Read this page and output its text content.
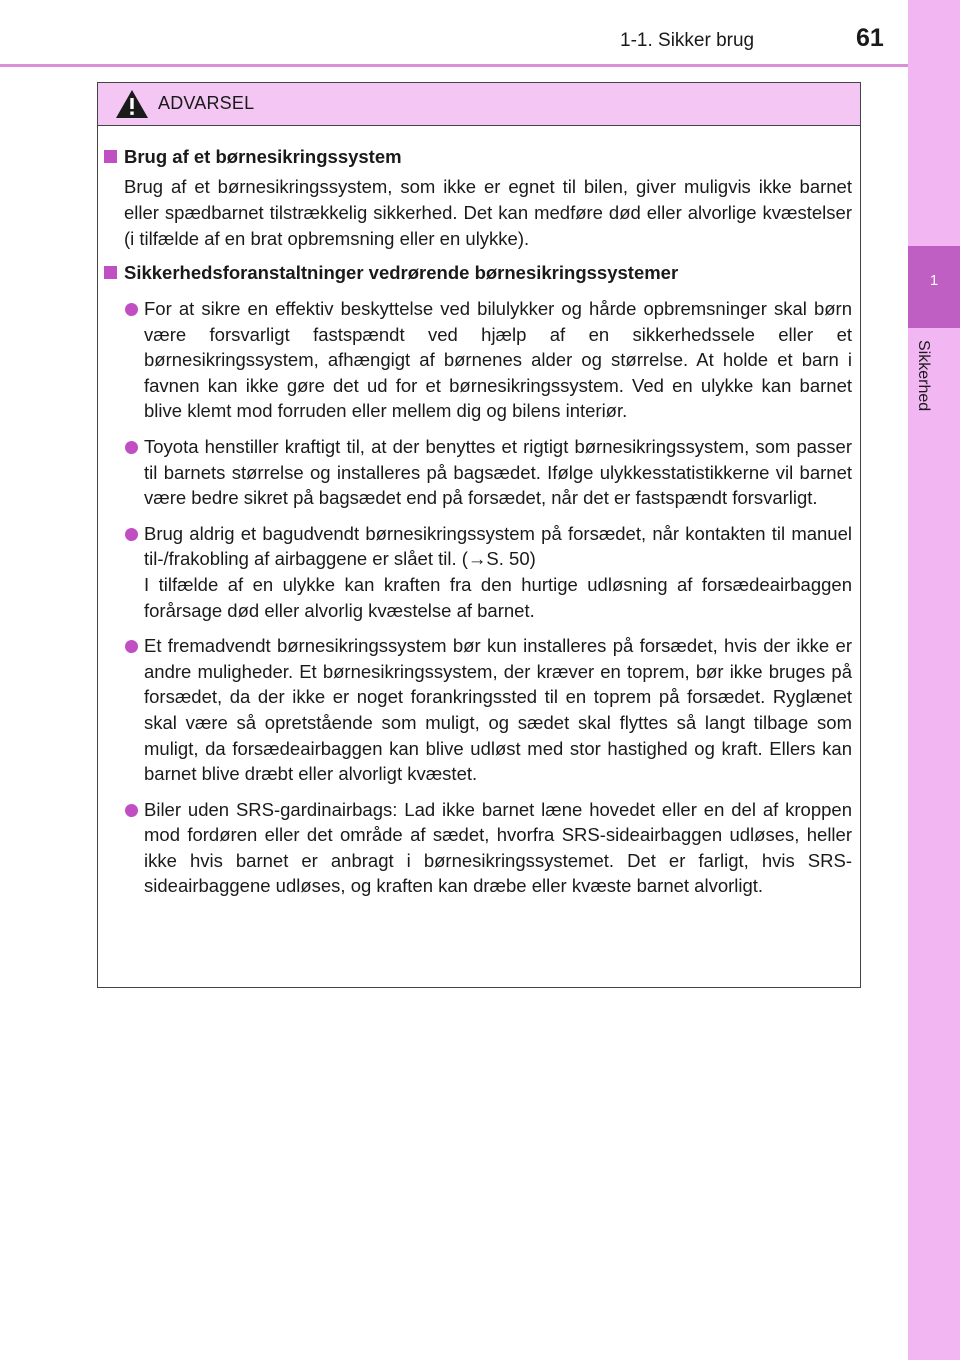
1-1. Sikker brug	61
1
Sikkerhed
ADVARSEL
Brug af et børnesikringssystem
Brug af et børnesikringssystem, som ikke er egnet til bilen, giver muligvis ikke barnet eller spædbarnet tilstrækkelig sikkerhed. Det kan medføre død eller alvorlige kvæstelser (i tilfælde af en brat opbremsning eller en ulykke).
Sikkerhedsforanstaltninger vedrørende børnesikringssystemer
For at sikre en effektiv beskyttelse ved bilulykker og hårde opbremsninger skal børn være forsvarligt fastspændt ved hjælp af en sikkerhedssele eller et børnesikringssystem, afhængigt af børnenes alder og størrelse. At holde et barn i favnen kan ikke gøre det ud for et børnesikringssystem. Ved en ulykke kan barnet blive klemt mod forruden eller mellem dig og bilens interiør.
Toyota henstiller kraftigt til, at der benyttes et rigtigt børnesikringssystem, som passer til barnets størrelse og installeres på bagsædet. Ifølge ulykkesstatistikkerne vil barnet være bedre sikret på bagsædet end på forsædet, når det er fastspændt forsvarligt.
Brug aldrig et bagudvendt børnesikringssystem på forsædet, når kontakten til manuel til-/frakobling af airbaggene er slået til. (→S. 50)
I tilfælde af en ulykke kan kraften fra den hurtige udløsning af forsædeairbaggen forårsage død eller alvorlig kvæstelse af barnet.
Et fremadvendt børnesikringssystem bør kun installeres på forsædet, hvis der ikke er andre muligheder. Et børnesikringssystem, der kræver en toprem, bør ikke bruges på forsædet, da der ikke er noget forankringssted til en toprem på forsædet. Ryglænet skal være så opretstående som muligt, og sædet skal flyttes så langt tilbage som muligt, da forsædeairbaggen kan blive udløst med stor hastighed og kraft. Ellers kan barnet blive dræbt eller alvorligt kvæstet.
Biler uden SRS-gardinairbags: Lad ikke barnet læne hovedet eller en del af kroppen mod fordøren eller det område af sædet, hvorfra SRS-sideairbaggen udløses, heller ikke hvis barnet er anbragt i børnesikringssystemet. Det er farligt, hvis SRS-sideairbaggene udløses, og kraften kan dræbe eller kvæste barnet alvorligt.
